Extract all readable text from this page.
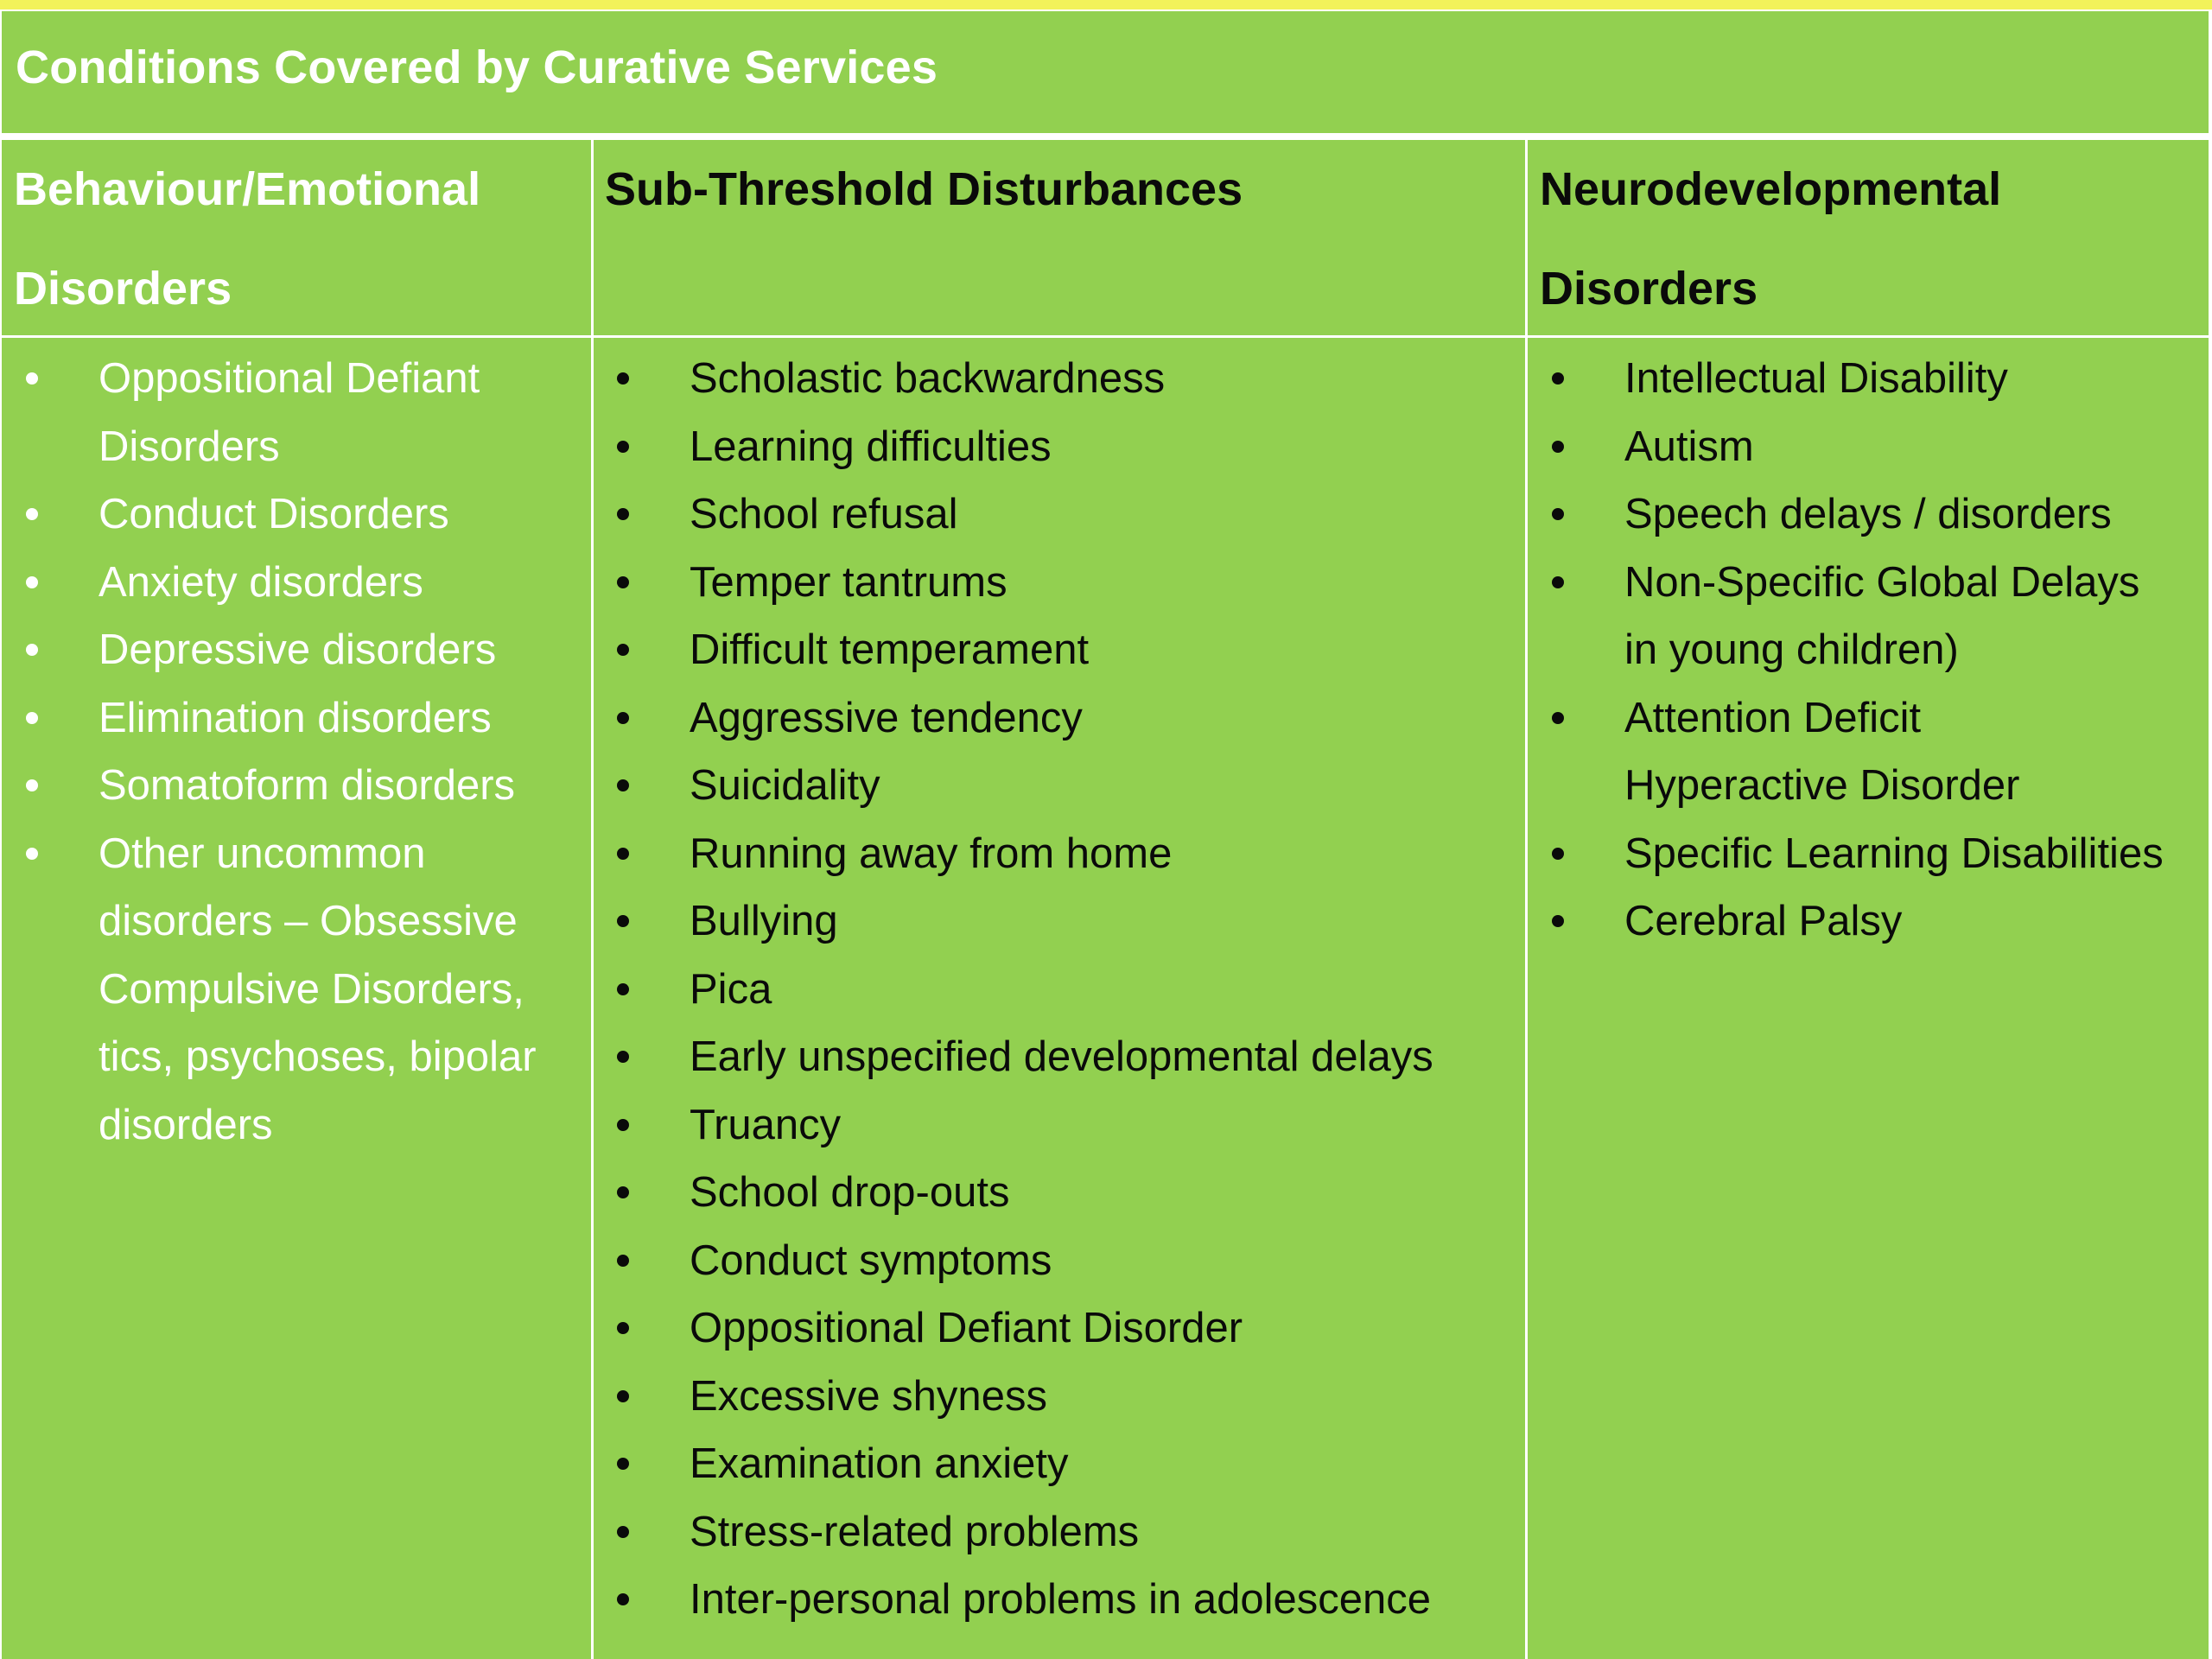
Conditions Covered by Curative Services
Behaviour/Emotional
Disorders
Sub-Threshold Disturbances	Neurodevelopmental
Disorders
Oppositional Defiant
Disorders
Conduct Disorders
Anxiety disorders
Depressive disorders
Elimination disorders
Somatoform disorders
Other uncommon
disorders – Obsessive
Compulsive Disorders,
tics, psychoses, bipolar
disorders
Scholastic backwardness
Learning difficulties
School refusal
Temper tantrums
Difficult temperament
Aggressive tendency
Suicidality
Running away from home
Bullying
Pica
Early unspecified developmental delays
Truancy
School drop-outs
Conduct symptoms
Oppositional Defiant Disorder
Excessive shyness
Examination anxiety
Stress-related problems
Inter-personal problems in adolescence
Intellectual Disability
Autism
Speech delays / disorders
Non-Specific Global Delays
in young children)
Attention Deficit
Hyperactive Disorder
Specific Learning Disabilities
Cerebral Palsy
